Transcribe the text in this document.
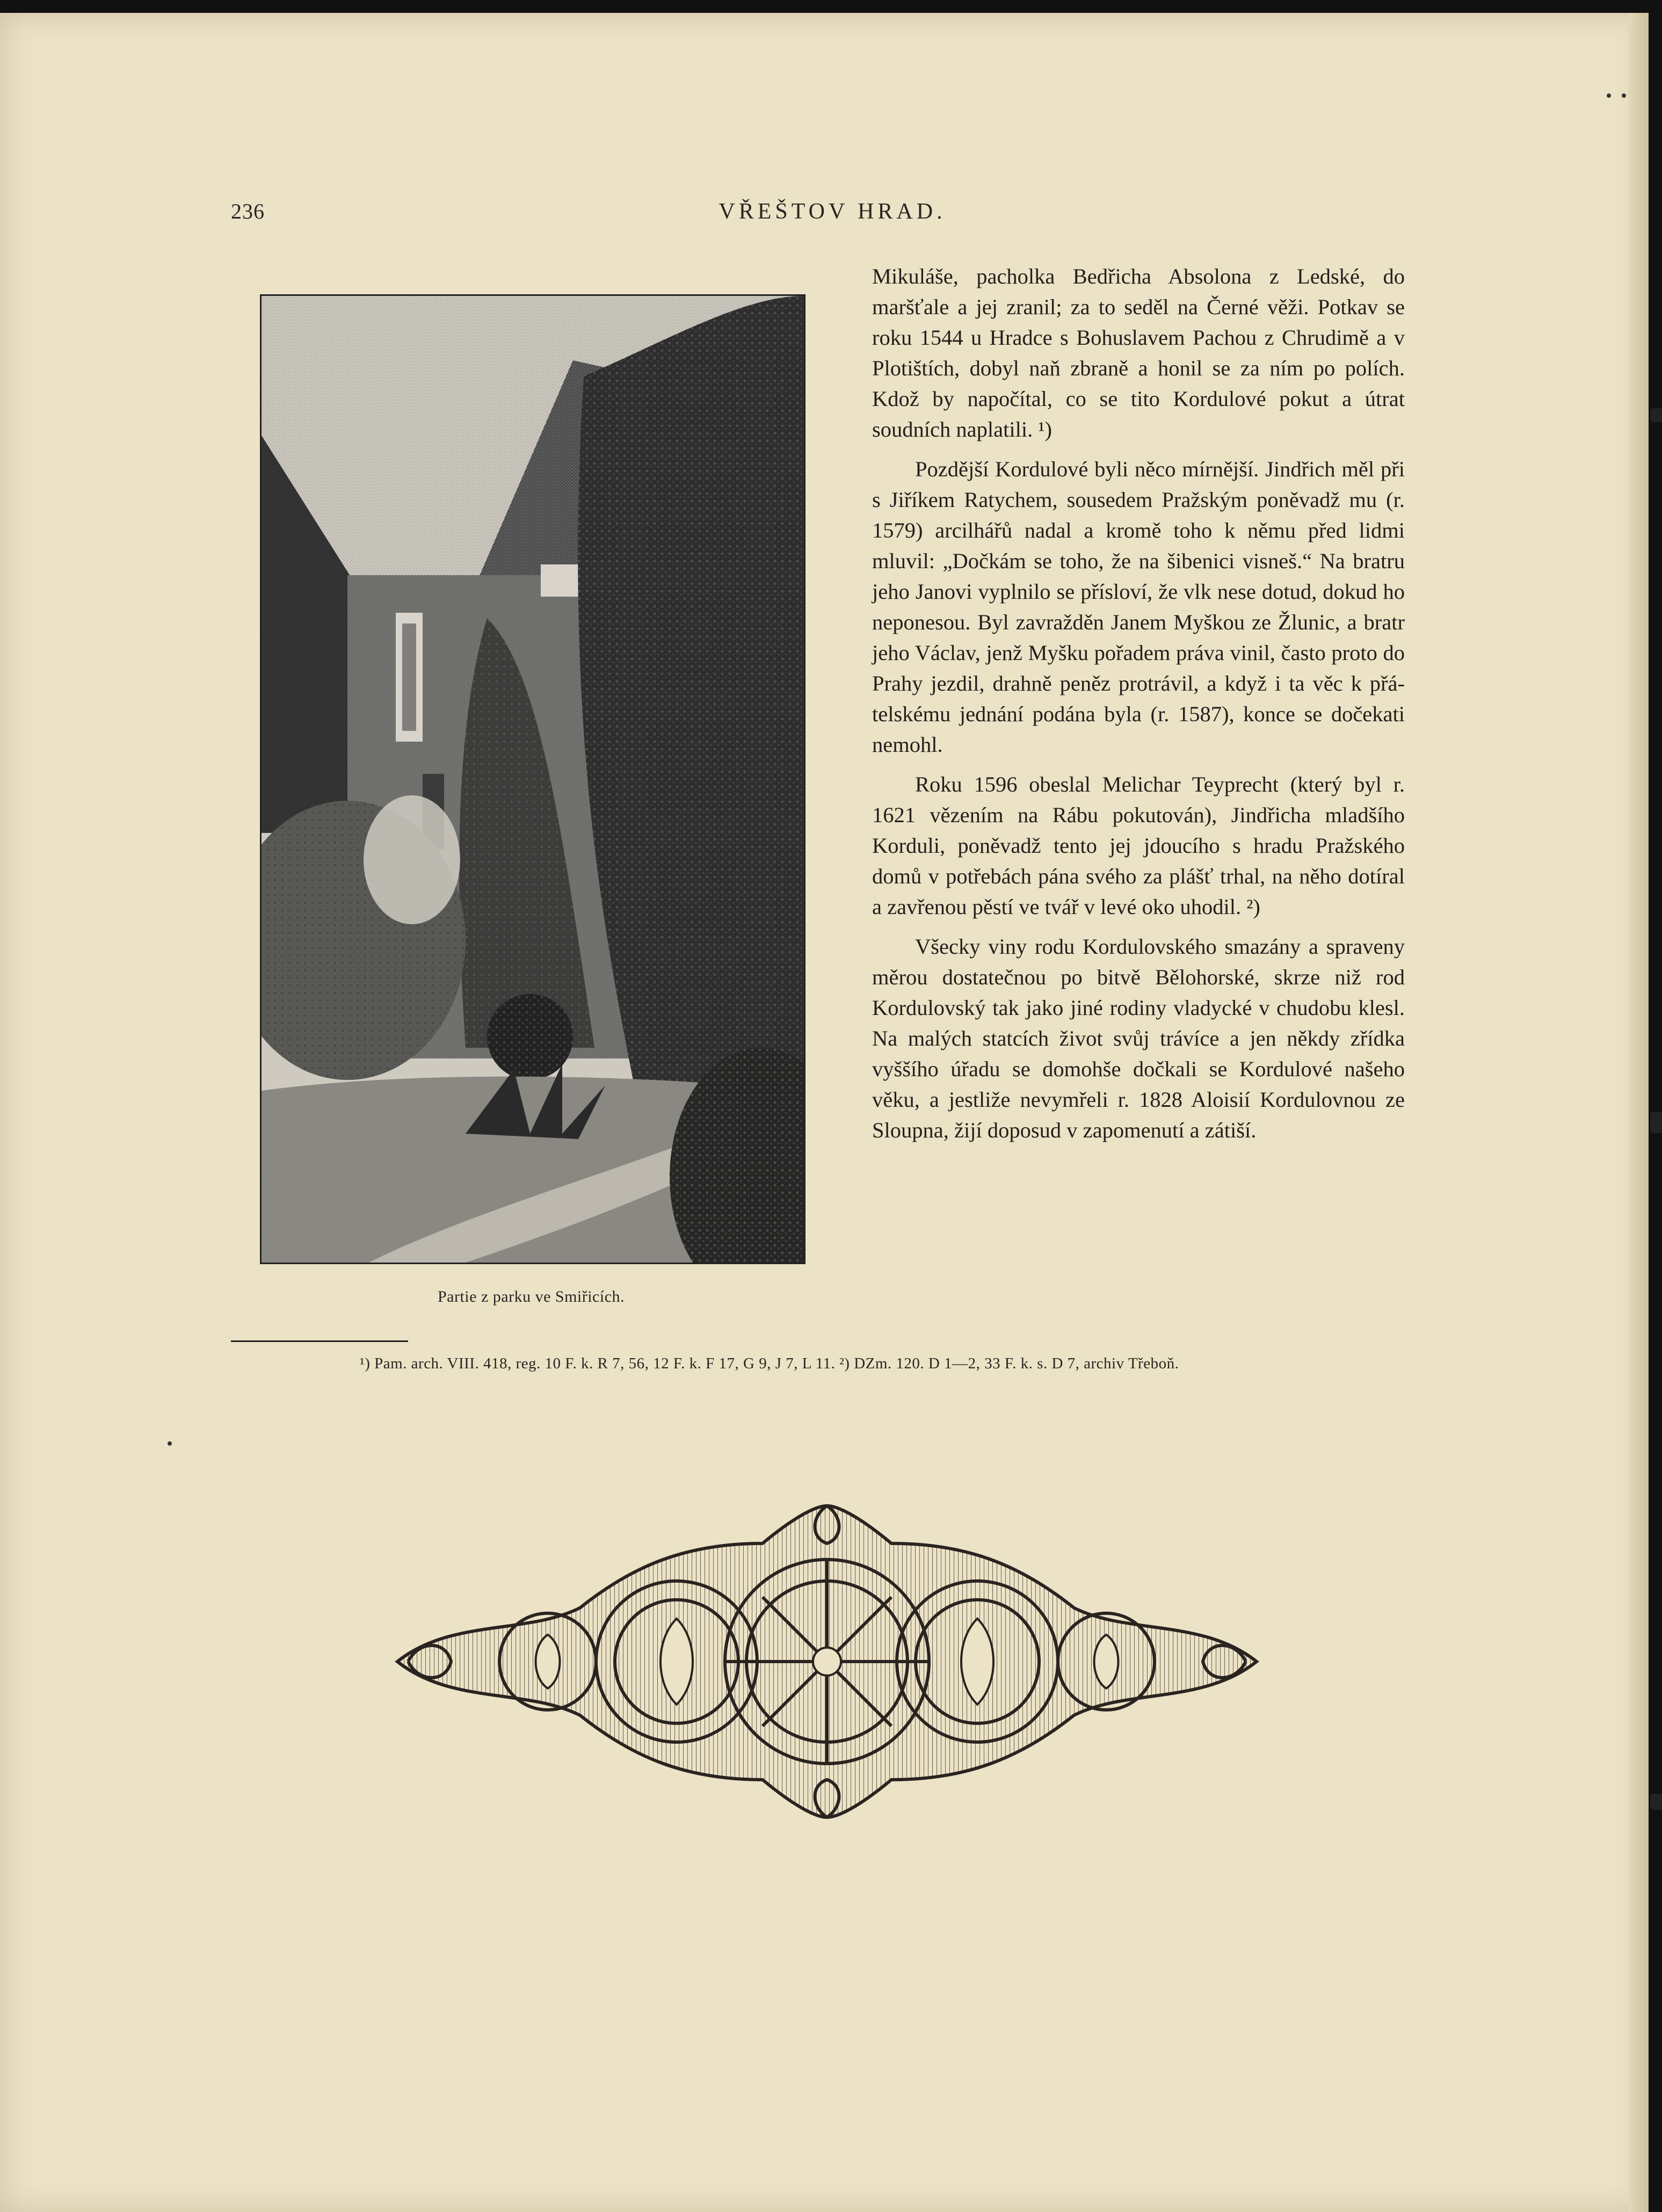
236	VŘEŠTOV HRAD.
Partie z parku ve Smiřicích.

Mikuláše, pacholka Bedřicha Absolona z Ledské, do maršťale a jej zranil; za to seděl na Černé věži. Potkav se roku 1544 u Hradce s Bohuslavem Pachou z Chrudimě a v Plotištích, dobyl naň zbraně a honil se za ním po polích. Kdož by napočítal, co se tito Kordulové pokut a útrat soudních naplatili. ¹)

Pozdější Kordulové byli něco mírnější. Jindřich měl při s Jiříkem Ratychem, sousedem Pražským poněvadž mu (r. 1579) arcilhářů nadal a kromě toho k němu před lidmi mluvil: „Dočkám se toho, že na šibenici visneš.“ Na bratru jeho Janovi vyplnilo se přísloví, že vlk nese dotud, dokud ho neponesou. Byl zavražděn Janem Myškou ze Žlunic, a bratr jeho Václav, jenž Myšku pořadem práva vinil, často proto do Prahy jezdil, drahně peněz protrávil, a když i ta věc k přátelskému jednání podána byla (r. 1587), konce se dočekati nemohl.

Roku 1596 obeslal Melichar Teyprecht (který byl r. 1621 vězením na Rábu pokutován), Jindřicha mladšího Korduli, poněvadž tento jej jdoucího s hradu Pražského domů v potřebách pána svého za plášť trhal, na něho dotíral a zavřenou pěstí ve tvář v levé oko uhodil. ²)

Všecky viny rodu Kordulovského smazány a spraveny měrou dostatečnou po bitvě Bělohorské, skrze niž rod Kordulovský tak jako jiné rodiny vladycké v chudobu klesl. Na malých statcích život svůj trávíce a jen někdy zřídka vyššího úřadu se domohše dočkali se Kordulové našeho věku, a jestliže nevymřeli r. 1828 Aloisií Kordulovnou ze Sloupna, žijí doposud v zapomenutí a zátiší.

¹) Pam. arch. VIII. 418, reg. 10 F. k. R 7, 56, 12 F. k. F 17, G 9, J 7, L 11. ²) DZm. 120. D 1—2, 33 F. k. s. D 7, archiv Třeboň.
